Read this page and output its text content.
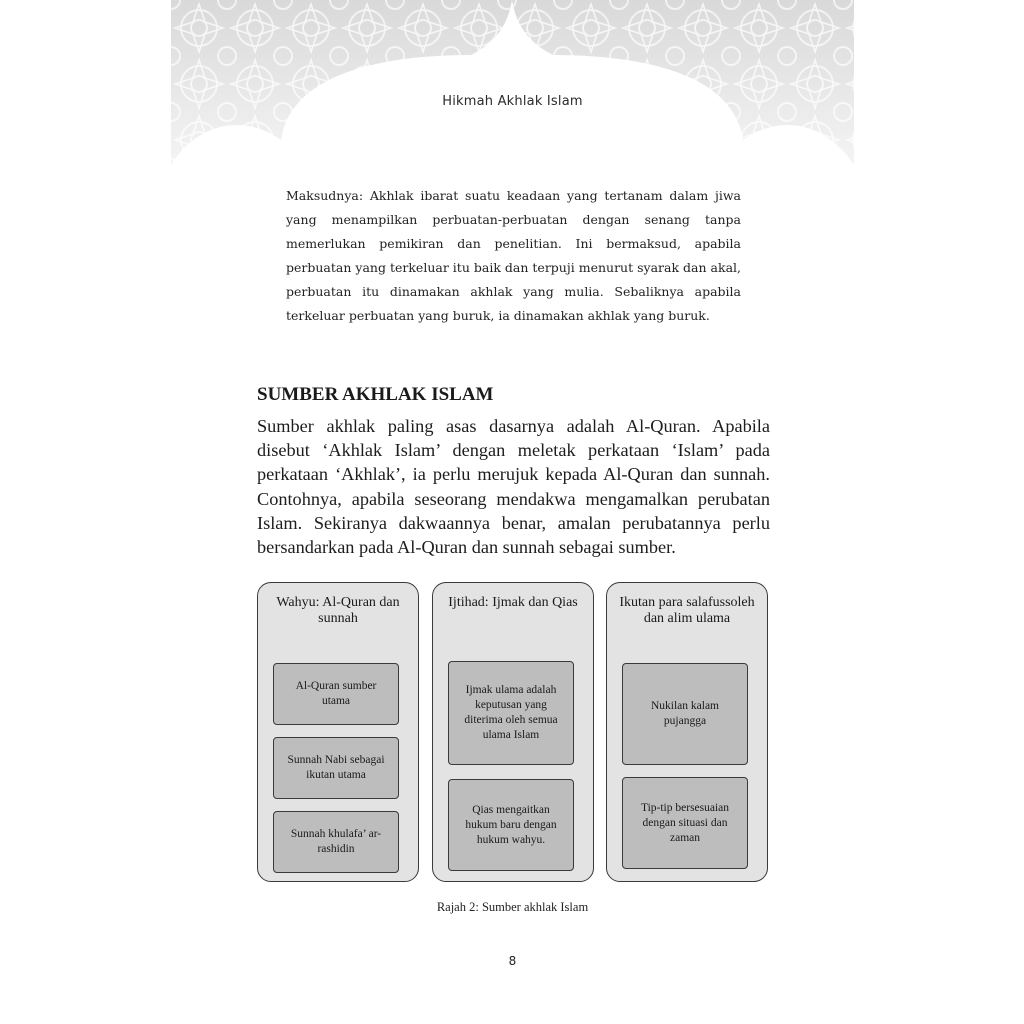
Hikmah Akhlak Islam

Maksudnya: Akhlak ibarat suatu keadaan yang tertanam dalam jiwa yang menampilkan perbuatan-perbuatan dengan senang tanpa memerlukan pemikiran dan penelitian. Ini bermaksud, apabila perbuatan yang terkeluar itu baik dan terpuji menurut syarak dan akal, perbuatan itu dinamakan akhlak yang mulia. Sebaliknya apabila terkeluar perbuatan yang buruk, ia dinamakan akhlak yang buruk.

SUMBER AKHLAK ISLAM

Sumber akhlak paling asas dasarnya adalah Al-Quran. Apabila disebut ‘Akhlak Islam’ dengan meletak perkataan ‘Islam’ pada perkataan ‘Akhlak’, ia perlu merujuk kepada Al-Quran dan sunnah. Contohnya, apabila seseorang mendakwa mengamalkan perubatan Islam. Sekiranya dakwaannya benar, amalan perubatannya perlu bersandarkan pada Al-Quran dan sunnah sebagai sumber.

Wahyu: Al-Quran dan sunnah
Al-Quran sumber utama
Sunnah Nabi sebagai ikutan utama
Sunnah khulafa’ ar-rashidin
Ijtihad: Ijmak dan Qias
Ijmak ulama adalah keputusan yang diterima oleh semua ulama Islam
Qias mengaitkan hukum baru dengan hukum wahyu.
Ikutan para salafussoleh dan alim ulama
Nukilan kalam pujangga
Tip-tip bersesuaian dengan situasi dan zaman
Rajah 2: Sumber akhlak Islam
8
